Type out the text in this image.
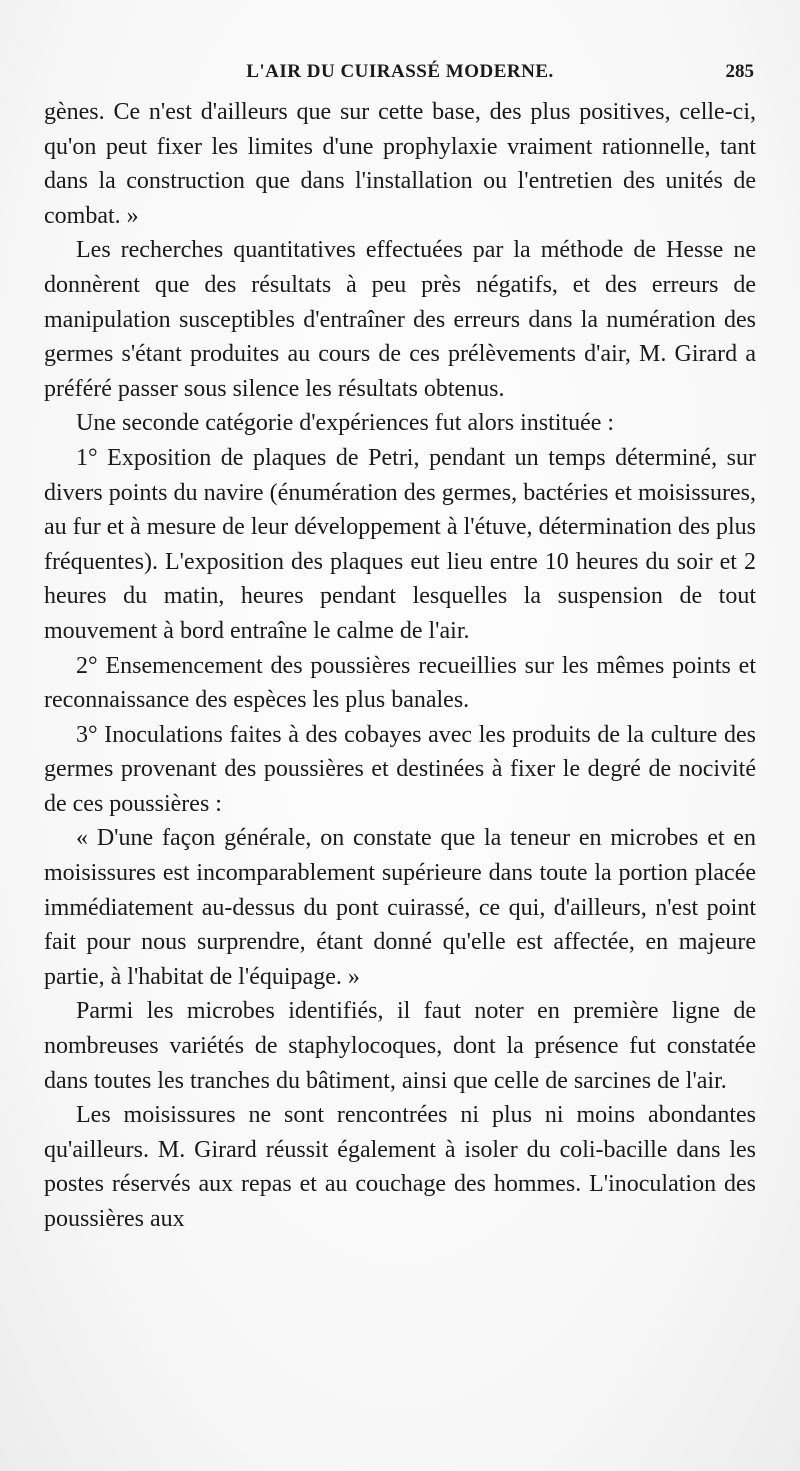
L'AIR DU CUIRASSÉ MODERNE.	285

gènes. Ce n'est d'ailleurs que sur cette base, des plus positives, celle-ci, qu'on peut fixer les limites d'une prophylaxie vraiment rationnelle, tant dans la construction que dans l'installation ou l'entretien des unités de combat. »

Les recherches quantitatives effectuées par la méthode de Hesse ne donnèrent que des résultats à peu près négatifs, et des erreurs de manipulation susceptibles d'entraîner des erreurs dans la numération des germes s'étant produites au cours de ces prélèvements d'air, M. Girard a préféré passer sous silence les résultats obtenus.

Une seconde catégorie d'expériences fut alors instituée :

1° Exposition de plaques de Petri, pendant un temps déterminé, sur divers points du navire (énumération des germes, bactéries et moisissures, au fur et à mesure de leur développement à l'étuve, détermination des plus fréquentes). L'exposition des plaques eut lieu entre 10 heures du soir et 2 heures du matin, heures pendant lesquelles la suspension de tout mouvement à bord entraîne le calme de l'air.

2° Ensemencement des poussières recueillies sur les mêmes points et reconnaissance des espèces les plus banales.

3° Inoculations faites à des cobayes avec les produits de la culture des germes provenant des poussières et destinées à fixer le degré de nocivité de ces poussières :

« D'une façon générale, on constate que la teneur en microbes et en moisissures est incomparablement supérieure dans toute la portion placée immédiatement au-dessus du pont cuirassé, ce qui, d'ailleurs, n'est point fait pour nous surprendre, étant donné qu'elle est affectée, en majeure partie, à l'habitat de l'équipage. »

Parmi les microbes identifiés, il faut noter en première ligne de nombreuses variétés de staphylocoques, dont la présence fut constatée dans toutes les tranches du bâtiment, ainsi que celle de sarcines de l'air.

Les moisissures ne sont rencontrées ni plus ni moins abondantes qu'ailleurs. M. Girard réussit également à isoler du coli-bacille dans les postes réservés aux repas et au couchage des hommes. L'inoculation des poussières aux
